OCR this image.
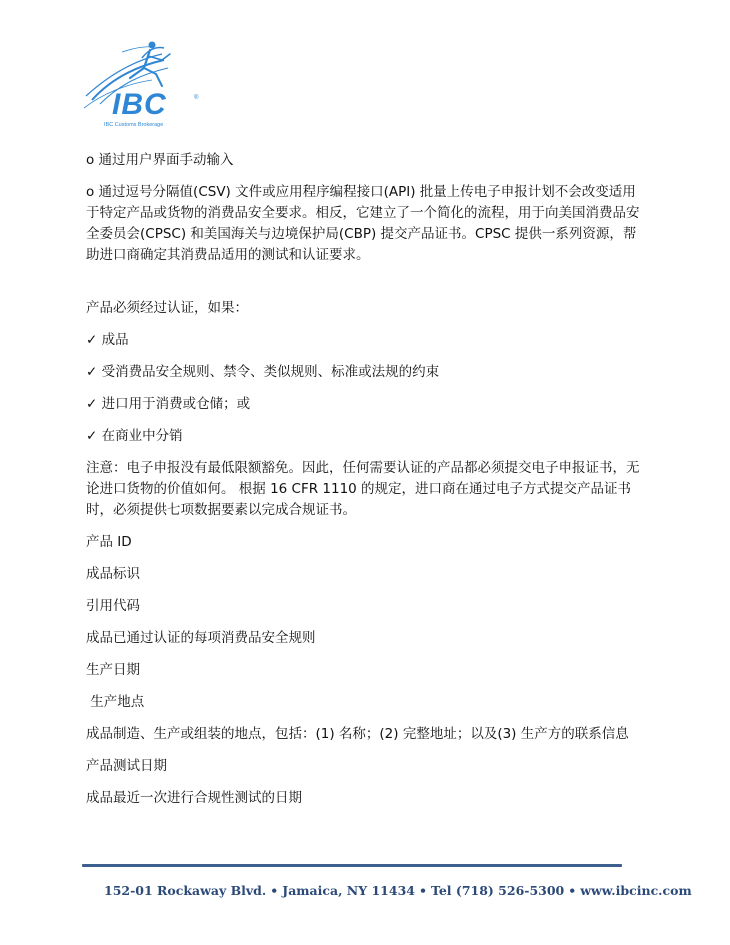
IBC	®
IBC Customs Brokerage

o 通过用户界面手动输入

o 通过逗号分隔值(CSV) 文件或应用程序编程接口(API) 批量上传电子申报计划不会改变适用于特定产品或货物的消费品安全要求。相反，它建立了一个简化的流程，用于向美国消费品安全委员会(CPSC) 和美国海关与边境保护局(CBP) 提交产品证书。CPSC 提供一系列资源，帮助进口商确定其消费品适用的测试和认证要求。

产品必须经过认证，如果：

✓ 成品

✓ 受消费品安全规则、禁令、类似规则、标准或法规的约束

✓ 进口用于消费或仓储；或

✓ 在商业中分销

注意：电子申报没有最低限额豁免。因此，任何需要认证的产品都必须提交电子申报证书，无论进口货物的价值如何。 根据 16 CFR 1110 的规定，进口商在通过电子方式提交产品证书时，必须提供七项数据要素以完成合规证书。

产品 ID

成品标识

引用代码

成品已通过认证的每项消费品安全规则

生产日期

生产地点

成品制造、生产或组装的地点，包括：(1) 名称；(2) 完整地址；以及(3) 生产方的联系信息

产品测试日期

成品最近一次进行合规性测试的日期

152-01 Rockaway Blvd. • Jamaica, NY 11434 • Tel (718) 526-5300 • www.ibcinc.com
